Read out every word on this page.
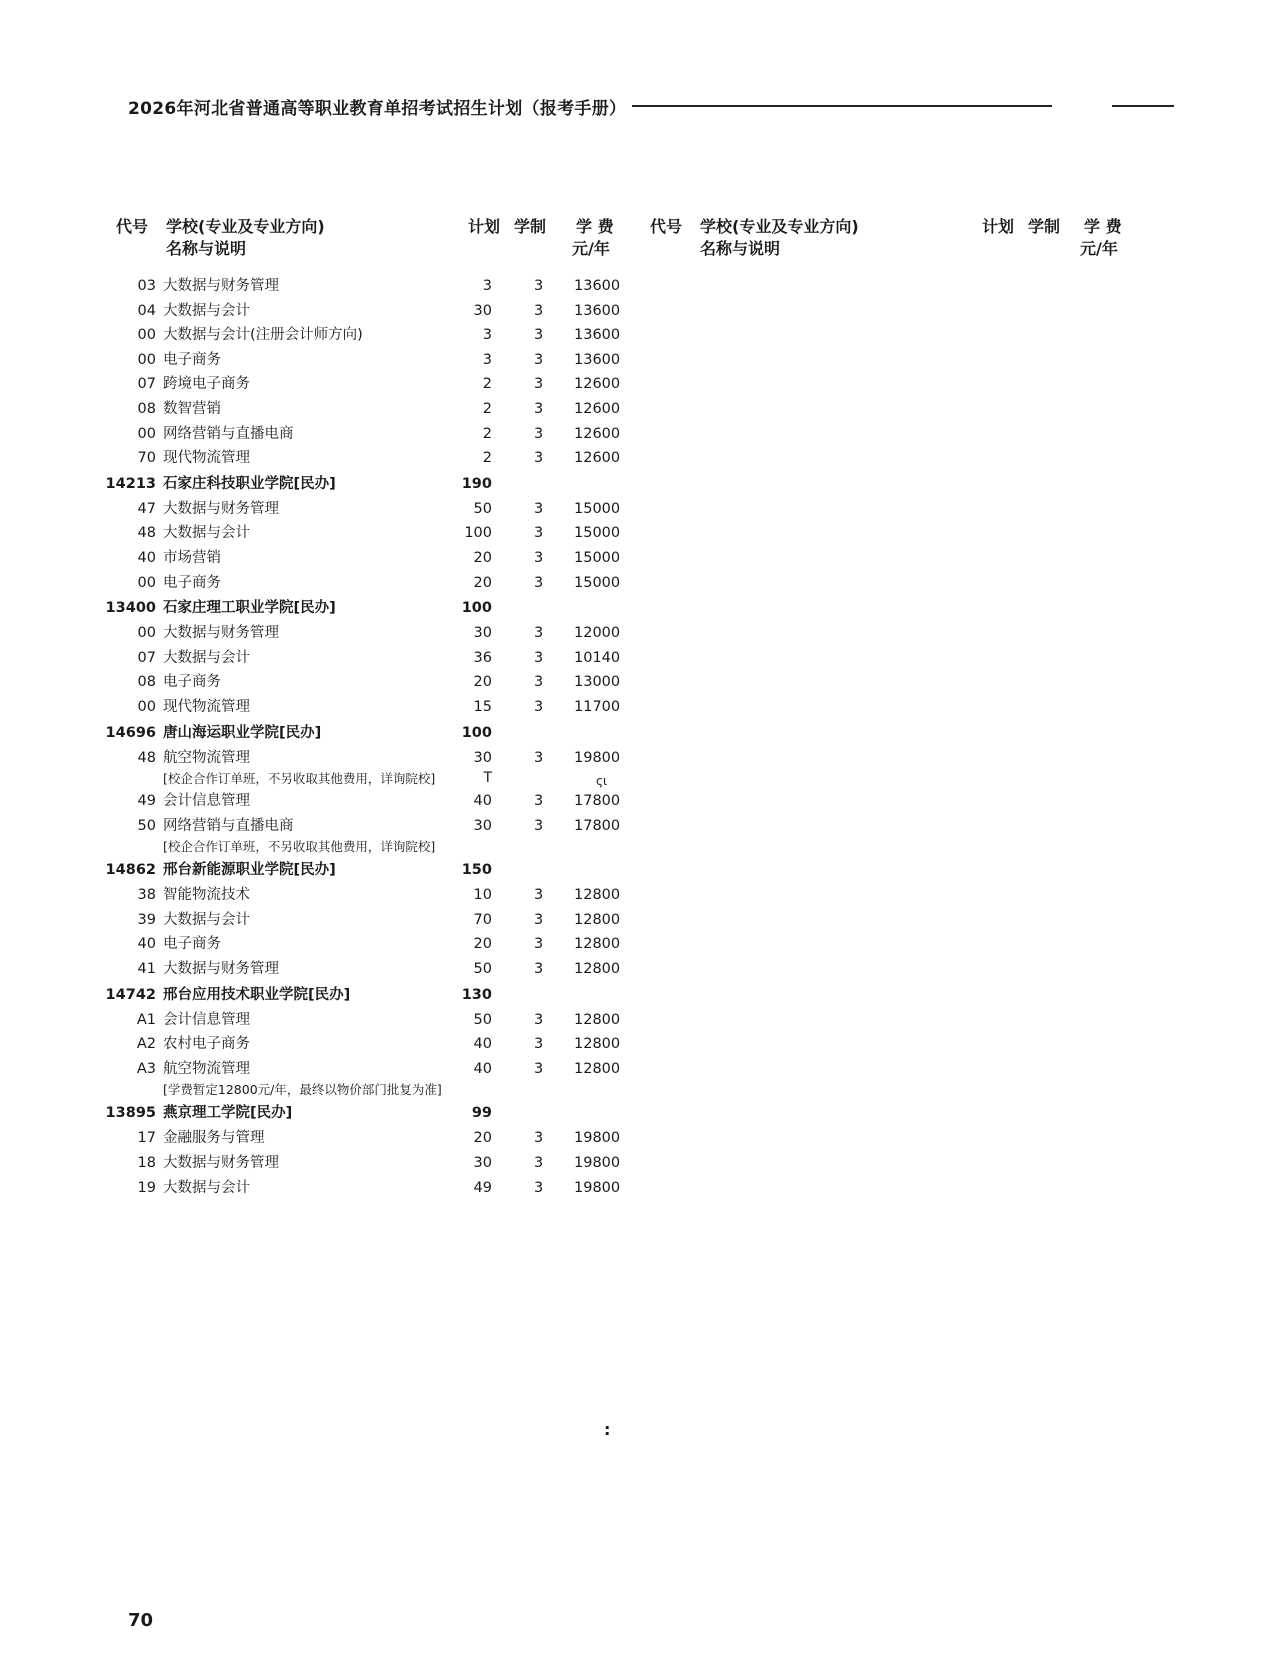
2026年河北省普通高等职业教育单招考试招生计划（报考手册）
代号 学校(专业及专业方向)
名称与说明
计划 学制 学 费
元/年
代号 学校(专业及专业方向)
名称与说明
计划 学制 学 费
元/年
03 大数据与财务管理	3	3 13600
04 大数据与会计	30	3 13600
00 大数据与会计(注册会计师方向)	3	3 13600
00 电子商务	3	3 13600
07 跨境电子商务	2	3 12600
08 数智营销	2	3 12600
00 网络营销与直播电商	2	3 12600
70 现代物流管理	2	3 12600
14213 石家庄科技职业学院[民办]	190
47 大数据与财务管理	50	3 15000
48 大数据与会计	100	3 15000
40 市场营销	20	3 15000
00 电子商务	20	3 15000
13400 石家庄理工职业学院[民办]	100
00 大数据与财务管理	30	3 12000
07 大数据与会计	36	3 10140
08 电子商务	20	3 13000
00 现代物流管理	15	3 11700
14696 唐山海运职业学院[民办]	100
48 航空物流管理	30	3 19800
[校企合作订单班，不另收取其他费用，详询院校]	T	ςι
49 会计信息管理	40	3 17800
50 网络营销与直播电商	30	3 17800
[校企合作订单班，不另收取其他费用，详询院校]
14862 邢台新能源职业学院[民办]	150
38 智能物流技术	10	3 12800
39 大数据与会计	70	3 12800
40 电子商务	20	3 12800
41 大数据与财务管理	50	3 12800
14742 邢台应用技术职业学院[民办]	130
A1 会计信息管理	50	3 12800
A2 农村电子商务	40	3 12800
A3 航空物流管理	40	3 12800
[学费暂定12800元/年，最终以物价部门批复为准]
13895 燕京理工学院[民办]	99
17 金融服务与管理	20	3 19800
18 大数据与财务管理	30	3 19800
19 大数据与会计	49	3 19800
:
70
